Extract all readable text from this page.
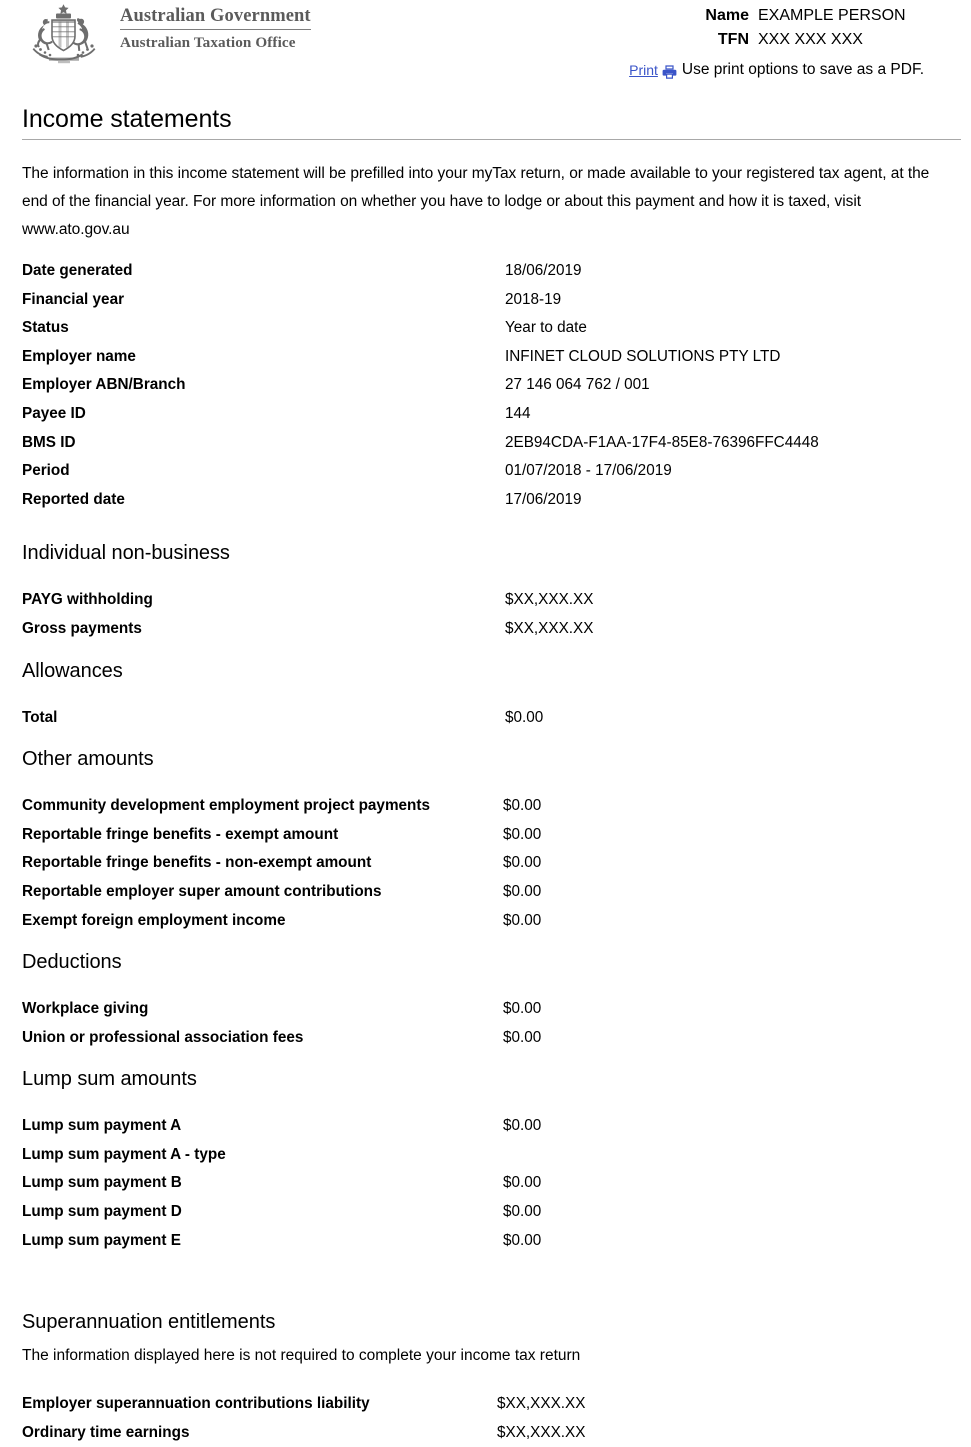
Australian Government
Australian Taxation Office
Name EXAMPLE PERSON
TFN XXX XXX XXX
Print Use print options to save as a PDF.
Income statements

The information in this income statement will be prefilled into your myTax return, or made available to your registered tax agent, at the end of the financial year. For more information on whether you have to lodge or about this payment and how it is taxed, visit www.ato.gov.au

Date generated	18/06/2019
Financial year	2018-19
Status	Year to date
Employer name	INFINET CLOUD SOLUTIONS PTY LTD
Employer ABN/Branch	27 146 064 762 / 001
Payee ID	144
BMS ID	2EB94CDA-F1AA-17F4-85E8-76396FFC4448
Period	01/07/2018 - 17/06/2019
Reported date	17/06/2019
Individual non-business
PAYG withholding	$XX,XXX.XX
Gross payments	$XX,XXX.XX
Allowances
Total	$0.00
Other amounts
Community development employment project payments	$0.00
Reportable fringe benefits - exempt amount	$0.00
Reportable fringe benefits - non-exempt amount	$0.00
Reportable employer super amount contributions	$0.00
Exempt foreign employment income	$0.00
Deductions
Workplace giving	$0.00
Union or professional association fees	$0.00
Lump sum amounts
Lump sum payment A	$0.00
Lump sum payment A - type
Lump sum payment B	$0.00
Lump sum payment D	$0.00
Lump sum payment E	$0.00
Superannuation entitlements

The information displayed here is not required to complete your income tax return

Employer superannuation contributions liability	$XX,XXX.XX
Ordinary time earnings	$XX,XXX.XX
